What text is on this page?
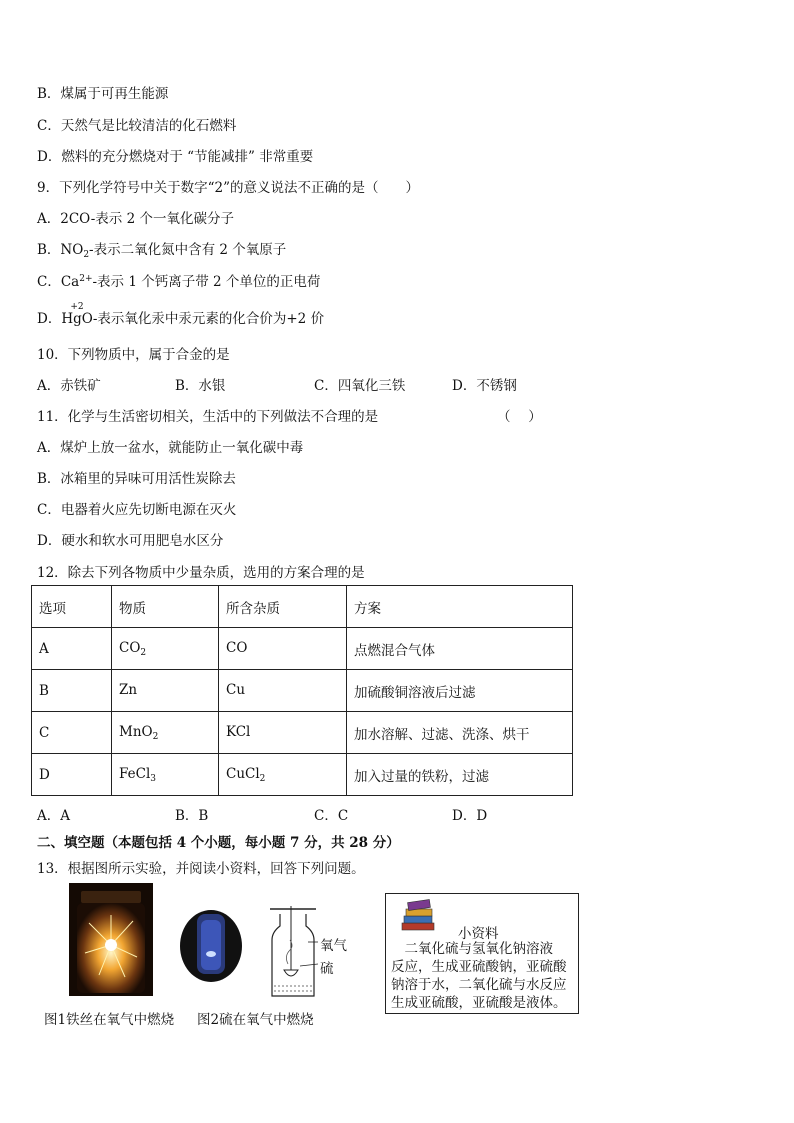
B．煤属于可再生能源
C．天然气是比较清洁的化石燃料
D．燃料的充分燃烧对于 “节能减排” 非常重要
9．下列化学符号中关于数字“2”的意义说法不正确的是（　　）
A．2CO-表示 2 个一氧化碳分子
B．$NO_2-$表示二氧化氮中含有 2 个氧原子
C．$Ca^{2+}-$表示 1 个钙离子带 2 个单位的正电荷
D．
+2
HgO-表示氧化汞中汞元素的化合价为+2 价
10．下列物质中，属于合金的是
A．赤铁矿	B．水银	C．四氧化三铁	D．不锈钢
11．化学与生活密切相关，生活中的下列做法不合理的是	（　 ）
A．煤炉上放一盆水，就能防止一氧化碳中毒
B．冰箱里的异味可用活性炭除去
C．电器着火应先切断电源在灭火
D．硬水和软水可用肥皂水区分
12．除去下列各物质中少量杂质，选用的方案合理的是
选项	物质	所含杂质	方案
A	$CO_2$	CO	点燃混合气体
B	Zn	Cu	加硫酸铜溶液后过滤
C	MnO$_2$	KCl	加水溶解、过滤、洗涤、烘干
D	FeCl$_3$	CuCl$_2$	加入过量的铁粉，过滤
A．A	B．B	C．C	D．D
二、填空题（本题包括 4 个小题，每小题 7 分，共 28 分）
13．根据图所示实验，并阅读小资料，回答下列问题。
氧气
硫
图1铁丝在氧气中燃烧 图2硫在氧气中燃烧
小资料
　二氧化硫与氢氧化钠溶液
反应，生成亚硫酸钠，亚硫酸
钠溶于水，二氧化硫与水反应
生成亚硫酸，亚硫酸是液体。
